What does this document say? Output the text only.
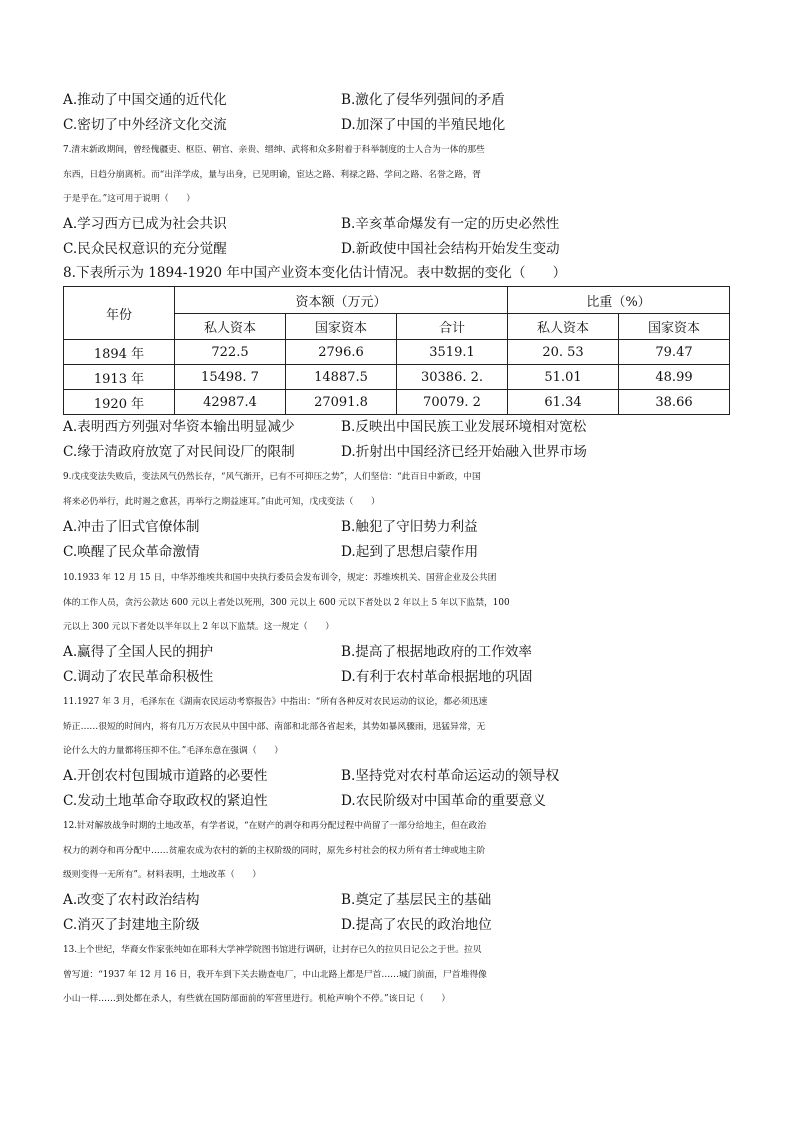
A.推动了中国交通的近代化	B.激化了侵华列强间的矛盾
C.密切了中外经济文化交流	D.加深了中国的半殖民地化
7.清末新政期间，曾经傀疆吏、枢臣、朝官、亲贵、缙绅、武将和众多附着于科举制度的士人合为一体的那些
东西，日趋分崩离析。而“出洋学成，量与出身，已见明谕，宦达之路、利禄之路、学问之路、名誉之路，胥
于是乎在。”这可用于说明（　　）
A.学习西方已成为社会共识	B.辛亥革命爆发有一定的历史必然性
C.民众民权意识的充分觉醒	D.新政使中国社会结构开始发生变动
8.下表所示为 1894-1920 年中国产业资本变化估计情况。表中数据的变化（　　）
年份	资本额（万元）			比重（%）	
	私人资本	国家资本	合计	私人资本	国家资本
1894 年	722.5	2796.6	3519.1	20. 53	79.47
1913 年	15498. 7	14887.5	30386. 2.	51.01	48.99
1920 年	42987.4	27091.8	70079. 2	61.34	38.66
A.表明西方列强对华资本输出明显减少	B.反映出中国民族工业发展环境相对宽松
C.缘于清政府放宽了对民间设厂的限制	D.折射出中国经济已经开始融入世界市场
9.戊戌变法失败后，变法风气仍然长存，“风气渐开，已有不可抑压之势”，人们坚信：“此百日中新政，中国
将来必仍举行，此时遏之愈甚，再举行之期益速耳。”由此可知，戊戌变法（　　）
A.冲击了旧式官僚体制	B.触犯了守旧势力利益
C.唤醒了民众革命激情	D.起到了思想启蒙作用
10.1933 年 12 月 15 日，中华苏维埃共和国中央执行委员会发布训令，规定：苏维埃机关、国营企业及公共团
体的工作人员，贪污公款达 600 元以上者处以死刑，300 元以上 600 元以下者处以 2 年以上 5 年以下监禁，100
元以上 300 元以下者处以半年以上 2 年以下监禁。这一规定（　　）
A.赢得了全国人民的拥护	B.提高了根据地政府的工作效率
C.调动了农民革命积极性	D.有利于农村革命根据地的巩固
11.1927 年 3 月，毛泽东在《湖南农民运动考察报告》中指出：“所有各种反对农民运动的议论，都必须迅速
矫正……很短的时间内，将有几万万农民从中国中部、南部和北部各省起来，其势如暴风骤雨，迅猛异常，无
论什么大的力量都将压抑不住。”毛泽东意在强调（　　）
A.开创农村包围城市道路的必要性	B.坚持党对农村革命运运动的领导权
C.发动土地革命夺取政权的紧迫性	D.农民阶级对中国革命的重要意义
12.针对解放战争时期的土地改革，有学者说，“在财产的剥夺和再分配过程中尚留了一部分给地主，但在政治
权力的剥夺和再分配中……贫雇农成为农村的新的主权阶级的同时，原先乡村社会的权力所有者士绅或地主阶
级则变得一无所有”。材料表明，土地改革（　　）
A.改变了农村政治结构	B.奠定了基层民主的基础
C.消灭了封建地主阶级	D.提高了农民的政治地位
13.上个世纪，华裔女作家张纯如在耶科大学神学院图书馆进行调研，让封存已久的拉贝日记公之于世。拉贝
曾写道：“1937 年 12 月 16 日，我开车到下关去勘查电厂，中山北路上都是尸首……城门前面，尸首堆得像
小山一样……到处都在杀人，有些就在国防部面前的军营里进行。机枪声响个不停。”该日记（　　）
